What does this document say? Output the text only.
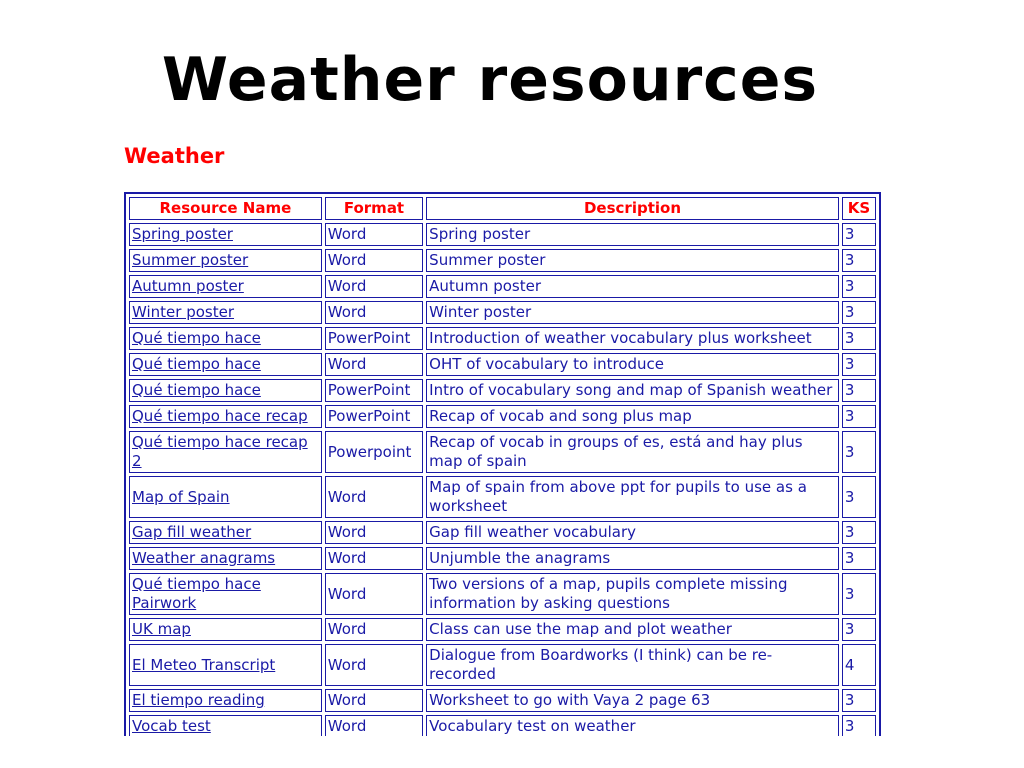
Weather resources
Weather
Resource Name	Format	Description	KS
Spring poster	Word	Spring poster	3
Summer poster	Word	Summer poster	3
Autumn poster	Word	Autumn poster	3
Winter poster	Word	Winter poster	3
Qué tiempo hace	PowerPoint	Introduction of weather vocabulary plus worksheet	3
Qué tiempo hace	Word	OHT of vocabulary to introduce	3
Qué tiempo hace	PowerPoint	Intro of vocabulary song and map of Spanish weather	3
Qué tiempo hace recap	PowerPoint	Recap of vocab and song plus map	3
Qué tiempo hace recap 2	Powerpoint	Recap of vocab in groups of es, está and hay plus map of spain	3
Map of Spain	Word	Map of spain from above ppt for pupils to use as a worksheet	3
Gap fill weather	Word	Gap fill weather vocabulary	3
Weather anagrams	Word	Unjumble the anagrams	3
Qué tiempo hace Pairwork	Word	Two versions of a map, pupils complete missing information by asking questions	3
UK map	Word	Class can use the map and plot weather	3
El Meteo Transcript	Word	Dialogue from Boardworks (I think) can be re-recorded	4
El tiempo reading	Word	Worksheet to go with Vaya 2 page 63	3
Vocab test	Word	Vocabulary test on weather	3
